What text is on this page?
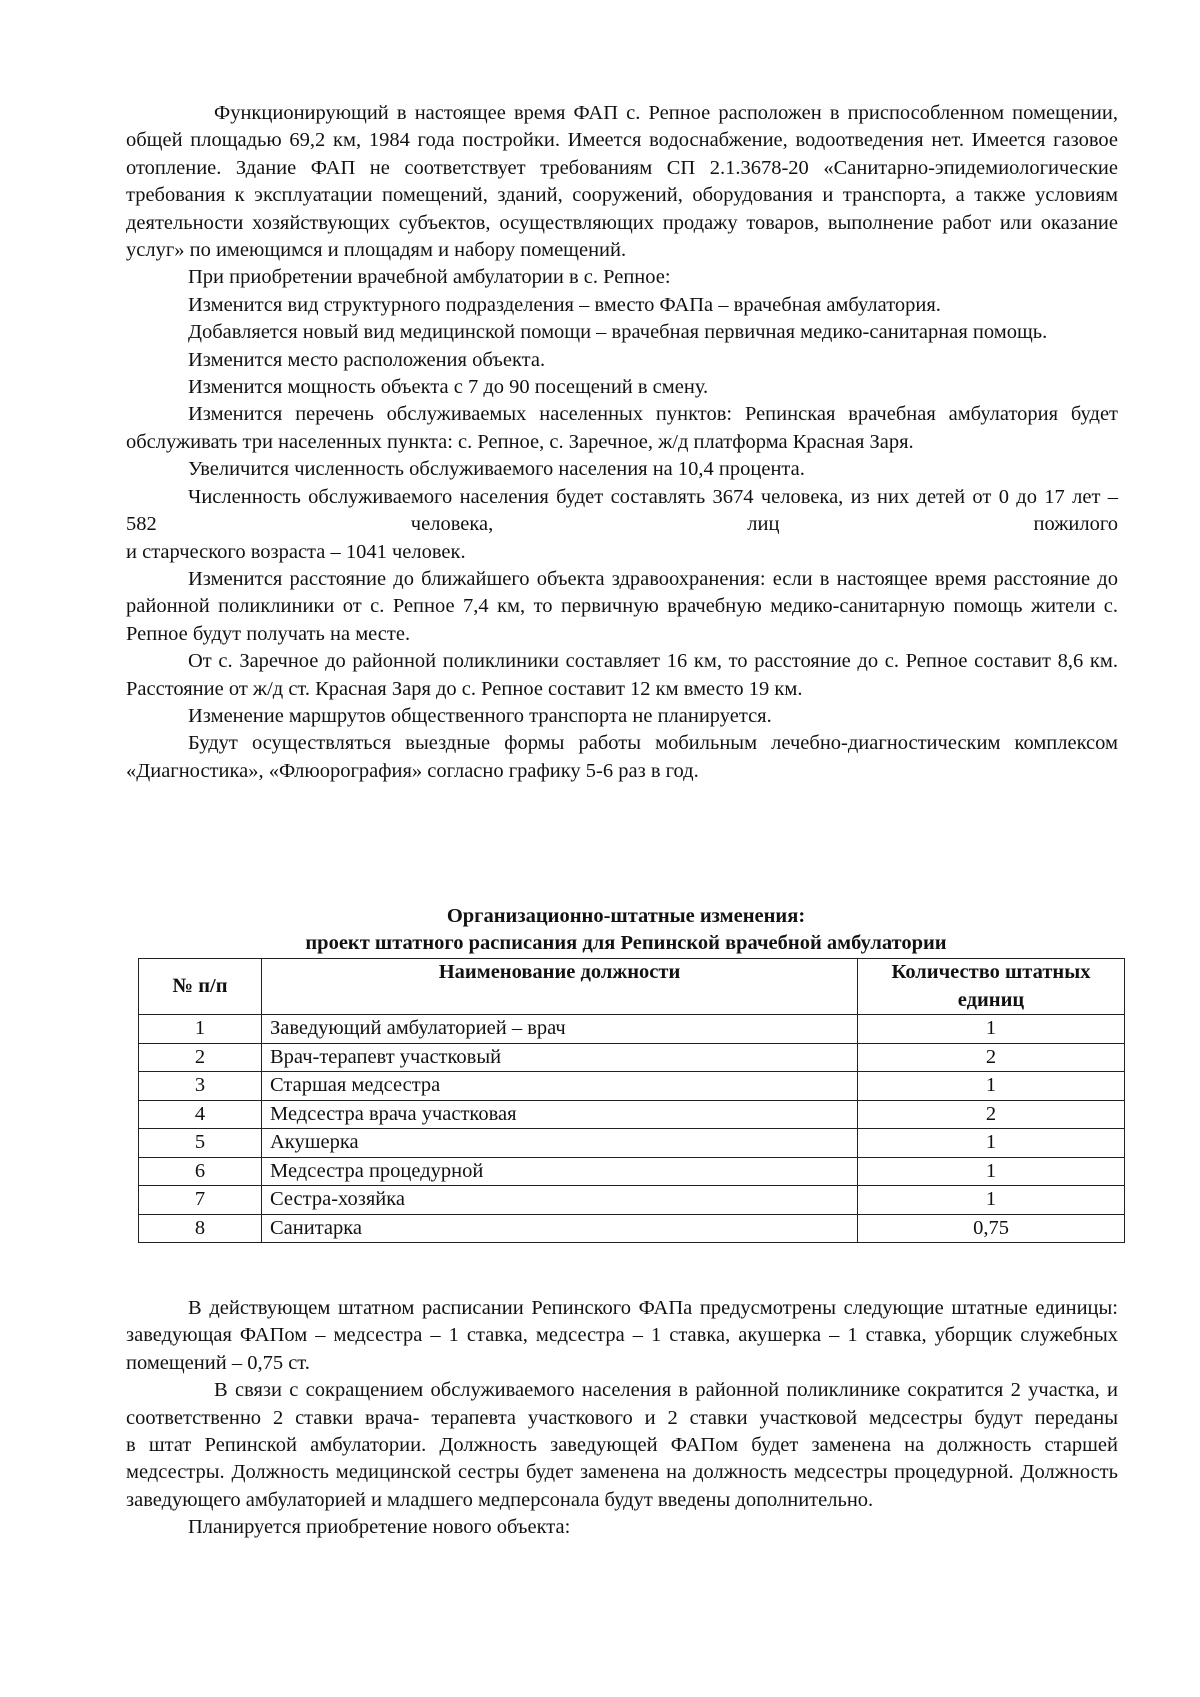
Функционирующий в настоящее время ФАП с. Репное расположен в приспособленном помещении, общей площадью 69,2 км, 1984 года постройки. Имеется водоснабжение, водоотведения нет. Имеется газовое отопление. Здание ФАП не соответствует требованиям СП 2.1.3678-20 «Санитарно-эпидемиологические требования к эксплуатации помещений, зданий, сооружений, оборудования и транспорта, а также условиям деятельности хозяйствующих субъектов, осуществляющих продажу товаров, выполнение работ или оказание услуг» по имеющимся и площадям и набору помещений.

При приобретении врачебной амбулатории в с. Репное:

Изменится вид структурного подразделения – вместо ФАПа – врачебная амбулатория.

Добавляется новый вид медицинской помощи – врачебная первичная медико-санитарная помощь.

Изменится место расположения объекта.

Изменится мощность объекта с 7 до 90 посещений в смену.

Изменится перечень обслуживаемых населенных пунктов: Репинская врачебная амбулатория будет обслуживать три населенных пункта: с. Репное, с. Заречное, ж/д платформа Красная Заря.

Увеличится численность обслуживаемого населения на 10,4 процента.

Численность обслуживаемого населения будет составлять 3674 человека, из них детей от 0 до 17 лет – 582 человека, лиц пожилого

и старческого возраста – 1041 человек.

Изменится расстояние до ближайшего объекта здравоохранения: если в настоящее время расстояние до районной поликлиники от с. Репное 7,4 км, то первичную врачебную медико-санитарную помощь жители с. Репное будут получать на месте.

От с. Заречное до районной поликлиники составляет 16 км, то расстояние до с. Репное составит 8,6 км. Расстояние от ж/д ст. Красная Заря до с. Репное составит 12 км вместо 19 км.

Изменение маршрутов общественного транспорта не планируется.

Будут осуществляться выездные формы работы мобильным лечебно-диагностическим комплексом «Диагностика», «Флюорография» согласно графику 5-6 раз в год.

Организационно-штатные изменения:
проект штатного расписания для Репинской врачебной амбулатории
№ п/п	Наименование должности	Количество штатных единиц
1	Заведующий амбулаторией – врач	1
2	Врач-терапевт участковый	2
3	Старшая медсестра	1
4	Медсестра врача участковая	2
5	Акушерка	1
6	Медсестра процедурной	1
7	Сестра-хозяйка	1
8	Санитарка	0,75

В действующем штатном расписании Репинского ФАПа предусмотрены следующие штатные единицы: заведующая ФАПом – медсестра – 1 ставка, медсестра – 1 ставка, акушерка – 1 ставка, уборщик служебных помещений – 0,75 ст.

В связи с сокращением обслуживаемого населения в районной поликлинике сократится 2 участка, и соответственно 2 ставки врача- терапевта участкового и 2 ставки участковой медсестры будут переданы

в штат Репинской амбулатории. Должность заведующей ФАПом будет заменена на должность старшей медсестры. Должность медицинской сестры будет заменена на должность медсестры процедурной. Должность заведующего амбулаторией и младшего медперсонала будут введены дополнительно.

Планируется приобретение нового объекта:
